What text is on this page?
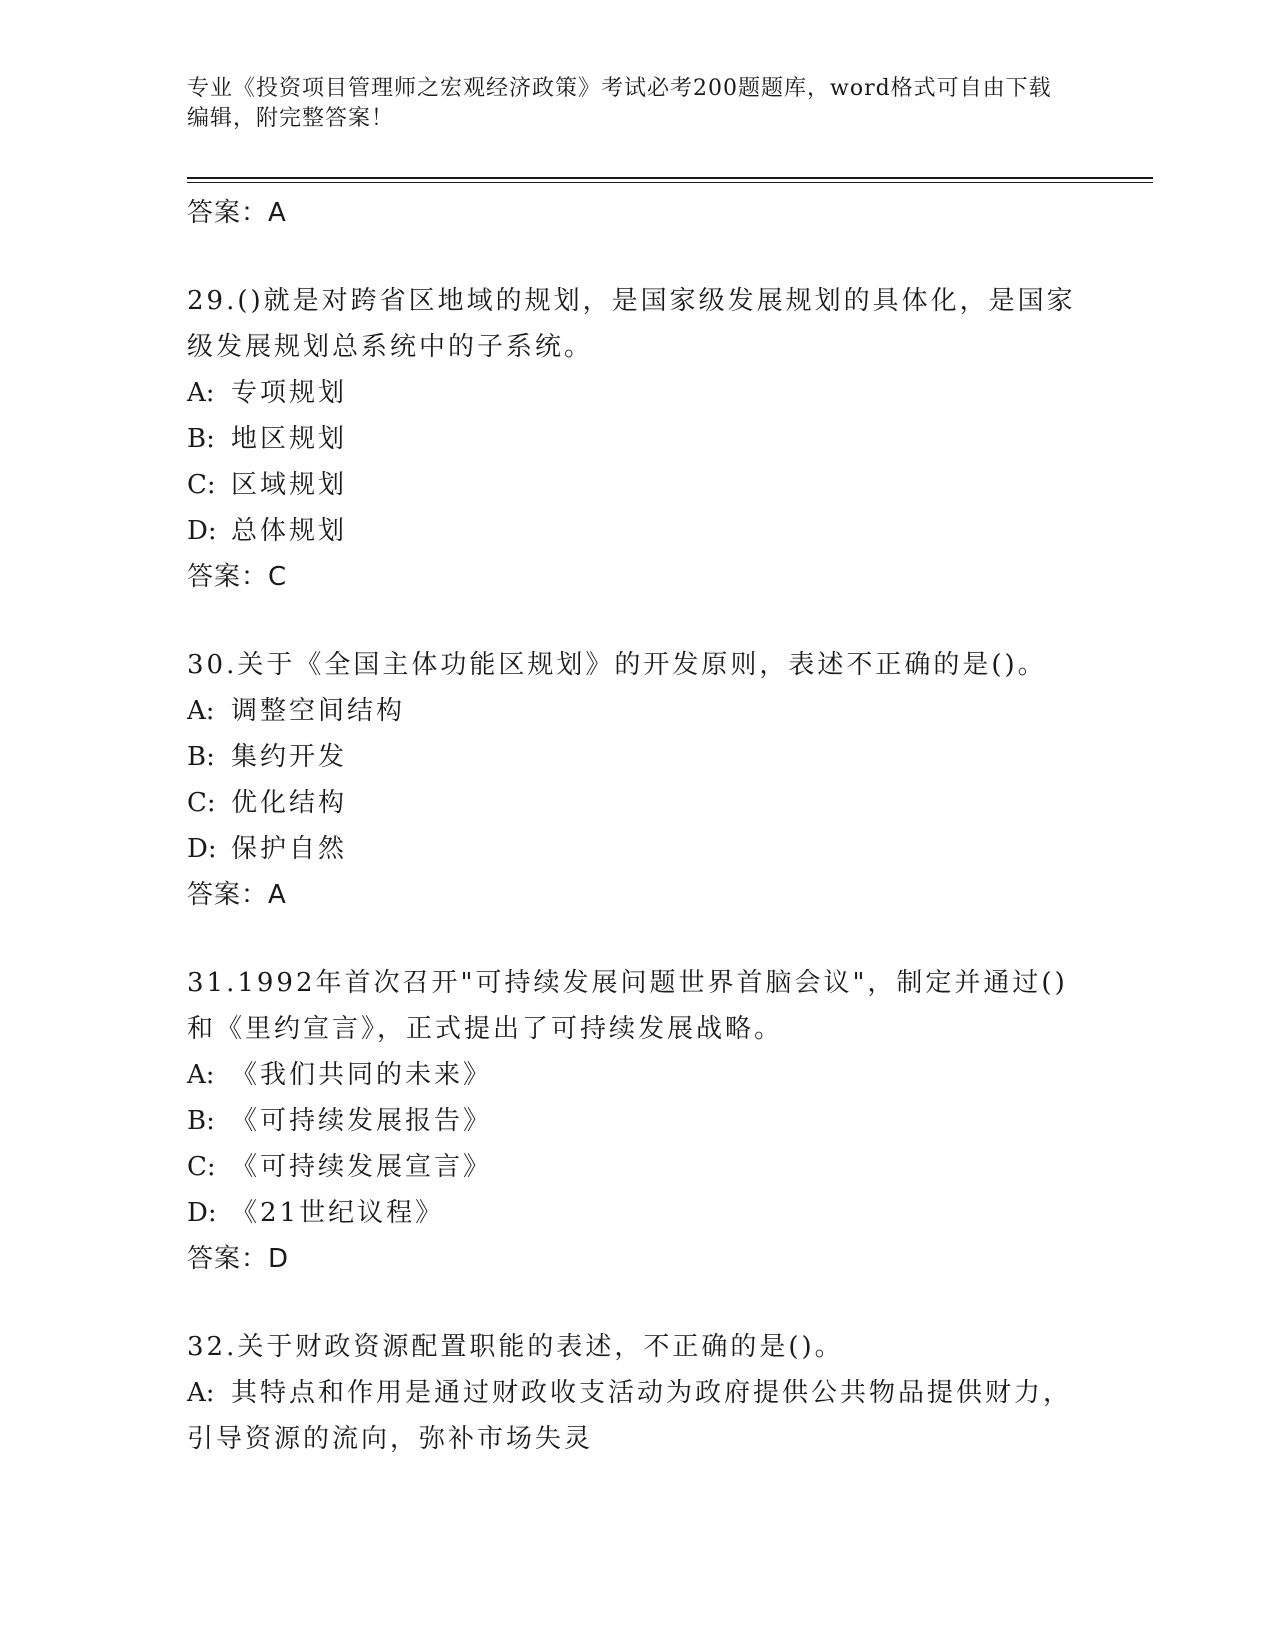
专业《投资项目管理师之宏观经济政策》考试必考200题题库，word格式可自由下载编辑，附完整答案！
答案：A
29.()就是对跨省区地域的规划，是国家级发展规划的具体化，是国家级发展规划总系统中的子系统。
A: 专项规划
B: 地区规划
C: 区域规划
D: 总体规划
答案：C
30.关于《全国主体功能区规划》的开发原则，表述不正确的是()。
A: 调整空间结构
B: 集约开发
C: 优化结构
D: 保护自然
答案：A
31.1992年首次召开"可持续发展问题世界首脑会议"，制定并通过()和《里约宣言》，正式提出了可持续发展战略。
A: 《我们共同的未来》
B: 《可持续发展报告》
C: 《可持续发展宣言》
D: 《21世纪议程》
答案：D
32.关于财政资源配置职能的表述，不正确的是()。
A: 其特点和作用是通过财政收支活动为政府提供公共物品提供财力，引导资源的流向，弥补市场失灵
